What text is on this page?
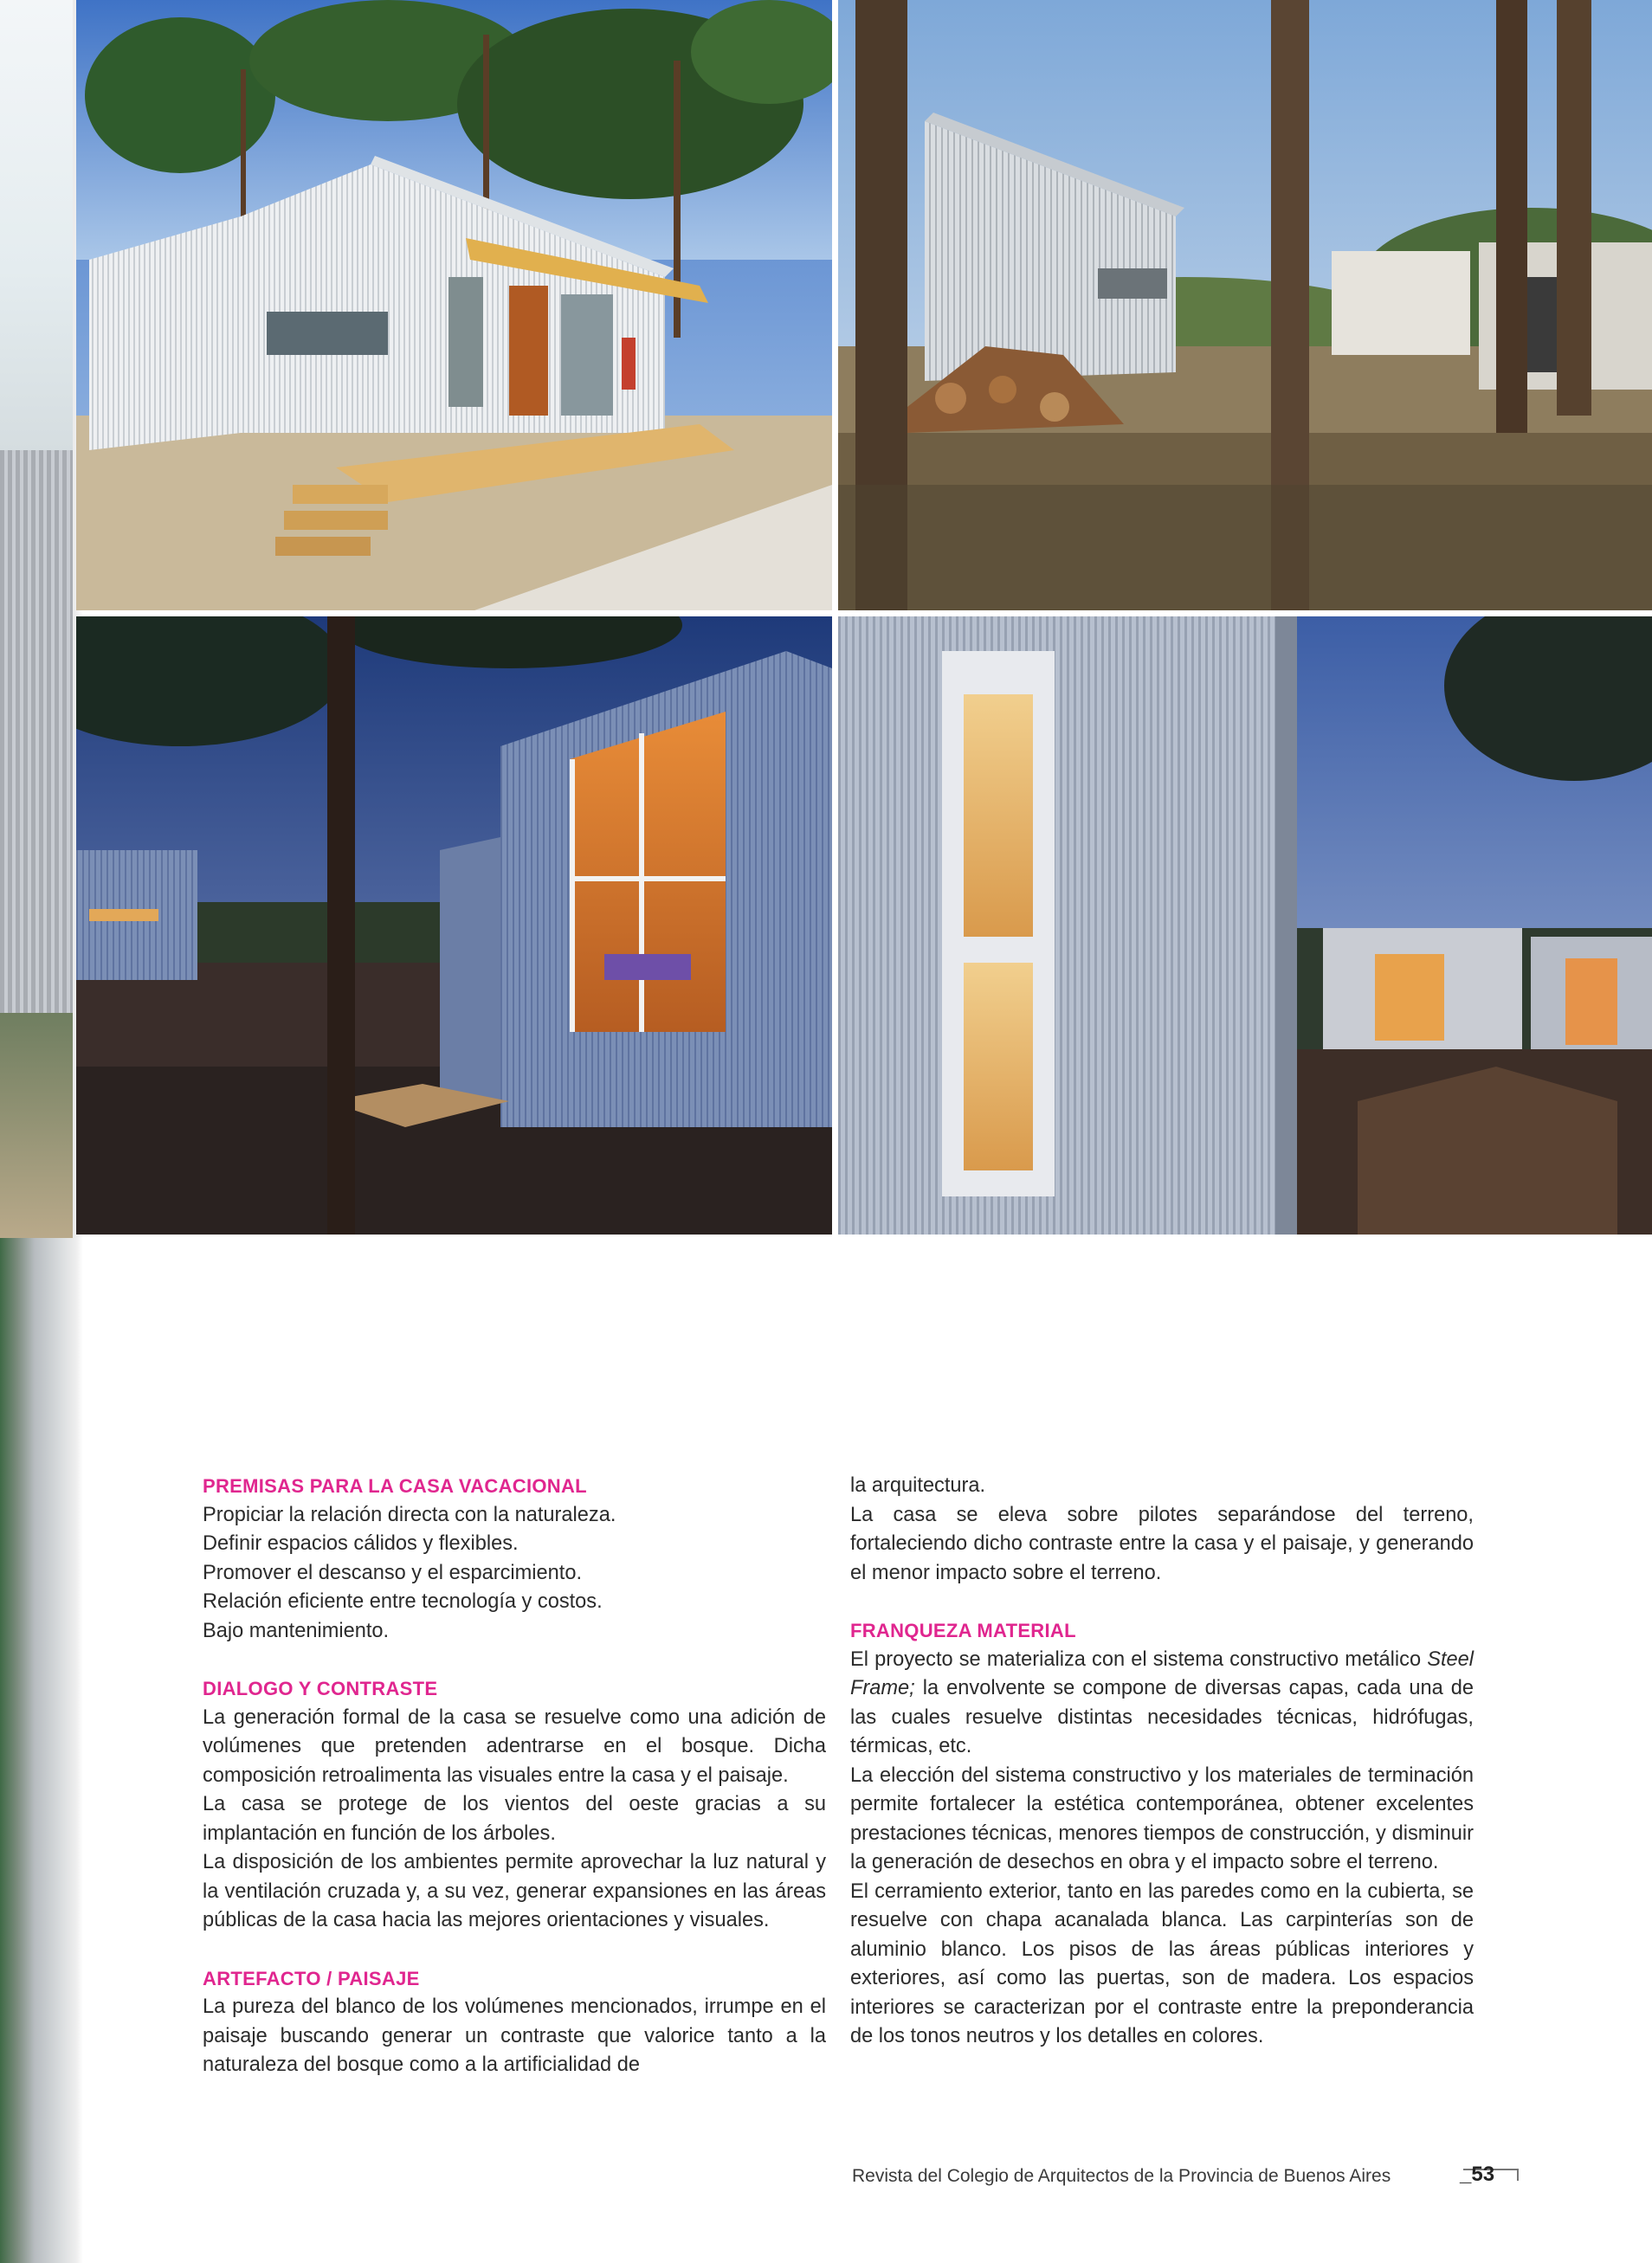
PREMISAS PARA LA CASA VACACIONAL
Propiciar la relación directa con la naturaleza.
Definir espacios cálidos y flexibles.
Promover el descanso y el esparcimiento.
Relación eficiente entre tecnología y costos.
Bajo mantenimiento.
DIALOGO Y CONTRASTE

La generación formal de la casa se resuelve como una adición de volúmenes que pretenden adentrarse en el bosque. Dicha composición retroalimenta las visuales entre la casa y el paisaje.

La casa se protege de los vientos del oeste gracias a su implantación en función de los árboles.

La disposición de los ambientes permite aprovechar la luz natural y la ventilación cruzada y, a su vez, generar expansiones en las áreas públicas de la casa hacia las mejores orientaciones y visuales.

ARTEFACTO / PAISAJE

La pureza del blanco de los volúmenes mencionados, irrumpe en el paisaje buscando generar un contraste que valorice tanto a la naturaleza del bosque como a la artificialidad de

la arquitectura.

La casa se eleva sobre pilotes separándose del terreno, fortaleciendo dicho contraste entre la casa y el paisaje, y generando el menor impacto sobre el terreno.

FRANQUEZA MATERIAL

El proyecto se materializa con el sistema constructivo metálico Steel Frame; la envolvente se compone de diversas capas, cada una de las cuales resuelve distintas necesidades técnicas, hidrófugas, térmicas, etc.

La elección del sistema constructivo y los materiales de terminación permite fortalecer la estética contemporánea, obtener excelentes prestaciones técnicas, menores tiempos de construcción, y disminuir la generación de desechos en obra y el impacto sobre el terreno.

El cerramiento exterior, tanto en las paredes como en la cubierta, se resuelve con chapa acanalada blanca. Las carpinterías son de aluminio blanco. Los pisos de las áreas públicas interiores y exteriores, así como las puertas, son de madera. Los espacios interiores se caracterizan por el contraste entre la preponderancia de los tonos neutros y los detalles en colores.

Revista del Colegio de Arquitectos de la Provincia de Buenos Aires	_53
